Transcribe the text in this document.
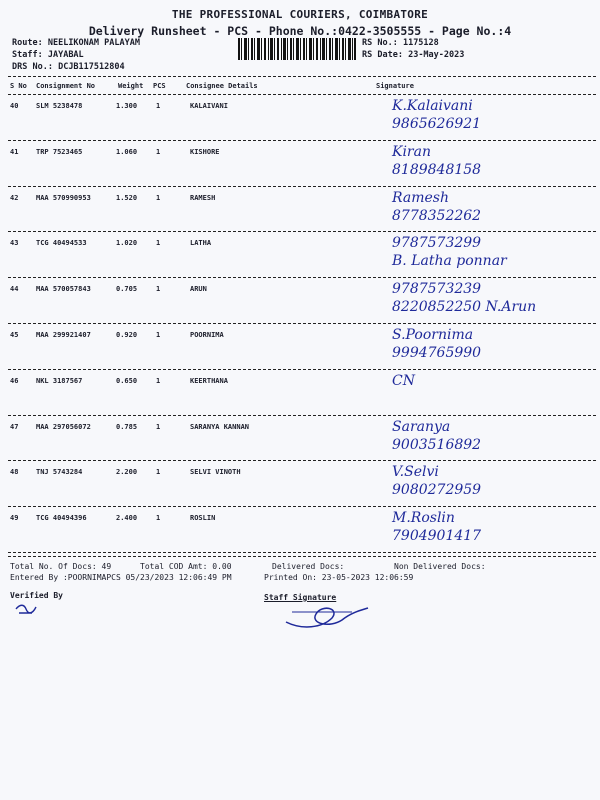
THE PROFESSIONAL COURIERS, COIMBATORE
Delivery Runsheet - PCS - Phone No.:0422-3505555 - Page No.:4
Route: NEELIKONAM PALAYAM
Staff: JAYABAL
DRS No.: DCJB117512804
RS No.: 1175128
RS Date: 23-May-2023
S No Consignment No	Weight PCS	Consignee Details	Signature
40	SLM 5238478	1.300	1	KALAIVANI	K.Kalaivani
9865626921
41	TRP 7523465	1.060	1	KISHORE	Kiran
8189848158
42	MAA 570990953	1.520	1	RAMESH	Ramesh
8778352262
43	TCG 40494533	1.020	1	LATHA	9787573299
B. Latha ponnar
44	MAA 570057843	0.705	1	ARUN	9787573239
8220852250 N.Arun
45	MAA 299921407	0.920	1	POORNIMA	S.Poornima
9994765990
46	NKL 3187567	0.650	1	KEERTHANA	CN
47	MAA 297056072	0.785	1	SARANYA KANNAN	Saranya
9003516892
48	TNJ 5743284	2.200	1	SELVI VINOTH	V.Selvi
9080272959
49	TCG 40494396	2.400	1	ROSLIN	M.Roslin
7904901417
Total No. Of Docs: 49	Total COD Amt: 0.00	Delivered Docs:	Non Delivered Docs:
Entered By :POORNIMAPCS 05/23/2023 12:06:49 PM	Printed On: 23-05-2023 12:06:59
Verified By	Staff Signature
